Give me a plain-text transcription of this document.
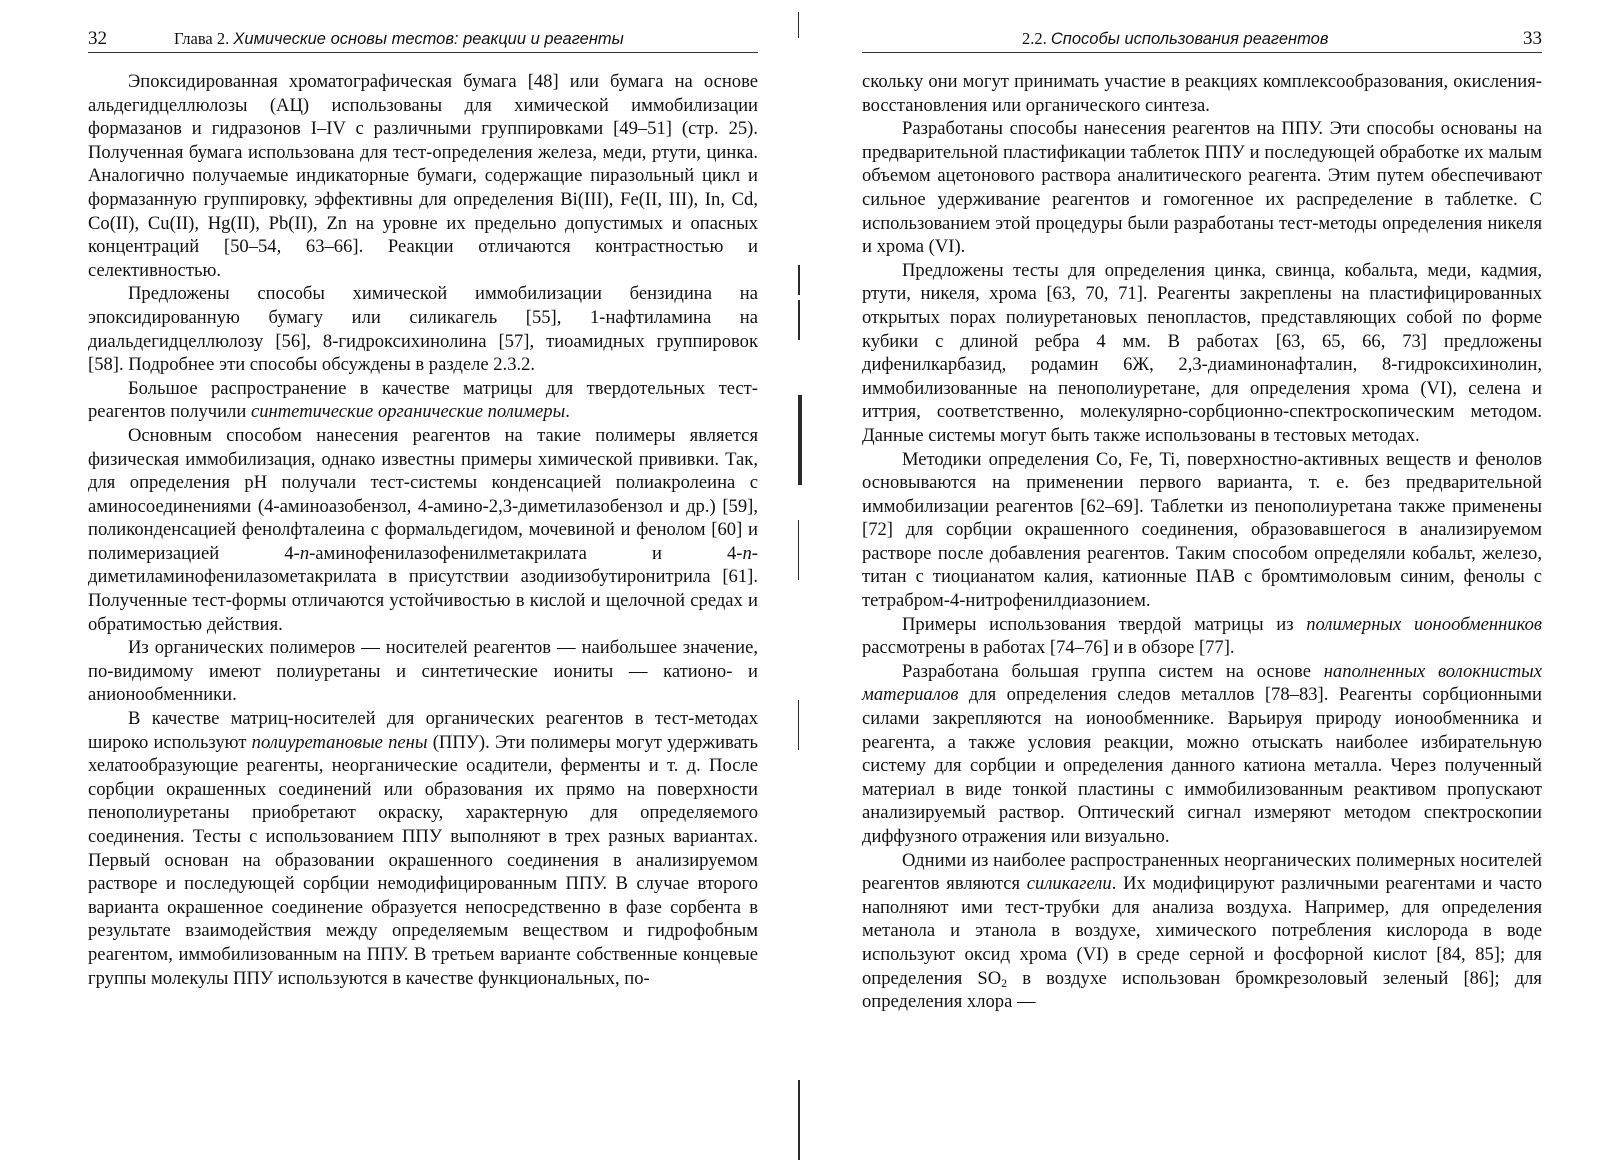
32	Глава 2. Химические основы тестов: реакции и реагенты

Эпоксидированная хроматографическая бумага [48] или бумага на основе альдегидцеллюлозы (АЦ) использованы для химической иммобилизации формазанов и гидразонов I–IV с различными группировками [49–51] (стр. 25). Полученная бумага использована для тест-определения железа, меди, ртути, цинка. Аналогично получаемые индикаторные бумаги, содержащие пиразольный цикл и формазанную группировку, эффективны для определения Bi(III), Fe(II, III), In, Cd, Co(II), Cu(II), Hg(II), Pb(II), Zn на уровне их предельно допустимых и опасных концентраций [50–54, 63–66]. Реакции отличаются контрастностью и селективностью.

Предложены способы химической иммобилизации бензидина на эпоксидированную бумагу или силикагель [55], 1-нафтиламина на диальдегидцеллюлозу [56], 8-гидроксихинолина [57], тиоамидных группировок [58]. Подробнее эти способы обсуждены в разделе 2.3.2.

Большое распространение в качестве матрицы для твердотельных тест-реагентов получили синтетические органические полимеры.

Основным способом нанесения реагентов на такие полимеры является физическая иммобилизация, однако известны примеры химической прививки. Так, для определения pH получали тест-системы конденсацией полиакролеина с аминосоединениями (4-аминоазобензол, 4-амино-2,3-диметилазобензол и др.) [59], поликонденсацией фенолфталеина с формальдегидом, мочевиной и фенолом [60] и полимеризацией 4-п-аминофенилазофенилметакрилата и 4-п-диметиламинофенилазометакрилата в присутствии азодиизобутиронитрила [61]. Полученные тест-формы отличаются устойчивостью в кислой и щелочной средах и обратимостью действия.

Из органических полимеров — носителей реагентов — наибольшее значение, по-видимому имеют полиуретаны и синтетические иониты — катионо- и анионообменники.

В качестве матриц-носителей для органических реагентов в тест-методах широко используют полиуретановые пены (ППУ). Эти полимеры могут удерживать хелатообразующие реагенты, неорганические осадители, ферменты и т. д. После сорбции окрашенных соединений или образования их прямо на поверхности пенополиуретаны приобретают окраску, характерную для определяемого соединения. Тесты с использованием ППУ выполняют в трех разных вариантах. Первый основан на образовании окрашенного соединения в анализируемом растворе и последующей сорбции немодифицированным ППУ. В случае второго варианта окрашенное соединение образуется непосредственно в фазе сорбента в результате взаимодействия между определяемым веществом и гидрофобным реагентом, иммобилизованным на ППУ. В третьем варианте собственные концевые группы молекулы ППУ используются в качестве функциональных, по-

2.2. Способы использования реагентов	33

скольку они могут принимать участие в реакциях комплексообразования, окисления-восстановления или органического синтеза.

Разработаны способы нанесения реагентов на ППУ. Эти способы основаны на предварительной пластификации таблеток ППУ и последующей обработке их малым объемом ацетонового раствора аналитического реагента. Этим путем обеспечивают сильное удерживание реагентов и гомогенное их распределение в таблетке. С использованием этой процедуры были разработаны тест-методы определения никеля и хрома (VI).

Предложены тесты для определения цинка, свинца, кобальта, меди, кадмия, ртути, никеля, хрома [63, 70, 71]. Реагенты закреплены на пластифицированных открытых порах полиуретановых пенопластов, представляющих собой по форме кубики с длиной ребра 4 мм. В работах [63, 65, 66, 73] предложены дифенилкарбазид, родамин 6Ж, 2,3-диаминонафталин, 8-гидроксихинолин, иммобилизованные на пенополиуретане, для определения хрома (VI), селена и иттрия, соответственно, молекулярно-сорбционно-спектроскопическим методом. Данные системы могут быть также использованы в тестовых методах.

Методики определения Co, Fe, Ti, поверхностно-активных веществ и фенолов основываются на применении первого варианта, т. е. без предварительной иммобилизации реагентов [62–69]. Таблетки из пенополиуретана также применены [72] для сорбции окрашенного соединения, образовавшегося в анализируемом растворе после добавления реагентов. Таким способом определяли кобальт, железо, титан с тиоцианатом калия, катионные ПАВ с бромтимоловым синим, фенолы с тетрабром-4-нитрофенилдиазонием.

Примеры использования твердой матрицы из полимерных ионообменников рассмотрены в работах [74–76] и в обзоре [77].

Разработана большая группа систем на основе наполненных волокнистых материалов для определения следов металлов [78–83]. Реагенты сорбционными силами закрепляются на ионообменнике. Варьируя природу ионообменника и реагента, а также условия реакции, можно отыскать наиболее избирательную систему для сорбции и определения данного катиона металла. Через полученный материал в виде тонкой пластины с иммобилизованным реактивом пропускают анализируемый раствор. Оптический сигнал измеряют методом спектроскопии диффузного отражения или визуально.

Одними из наиболее распространенных неорганических полимерных носителей реагентов являются силикагели. Их модифицируют различными реагентами и часто наполняют ими тест-трубки для анализа воздуха. Например, для определения метанола и этанола в воздухе, химического потребления кислорода в воде используют оксид хрома (VI) в среде серной и фосфорной кислот [84, 85]; для определения $SO_2$ в воздухе использован бромкрезоловый зеленый [86]; для определения хлора —
